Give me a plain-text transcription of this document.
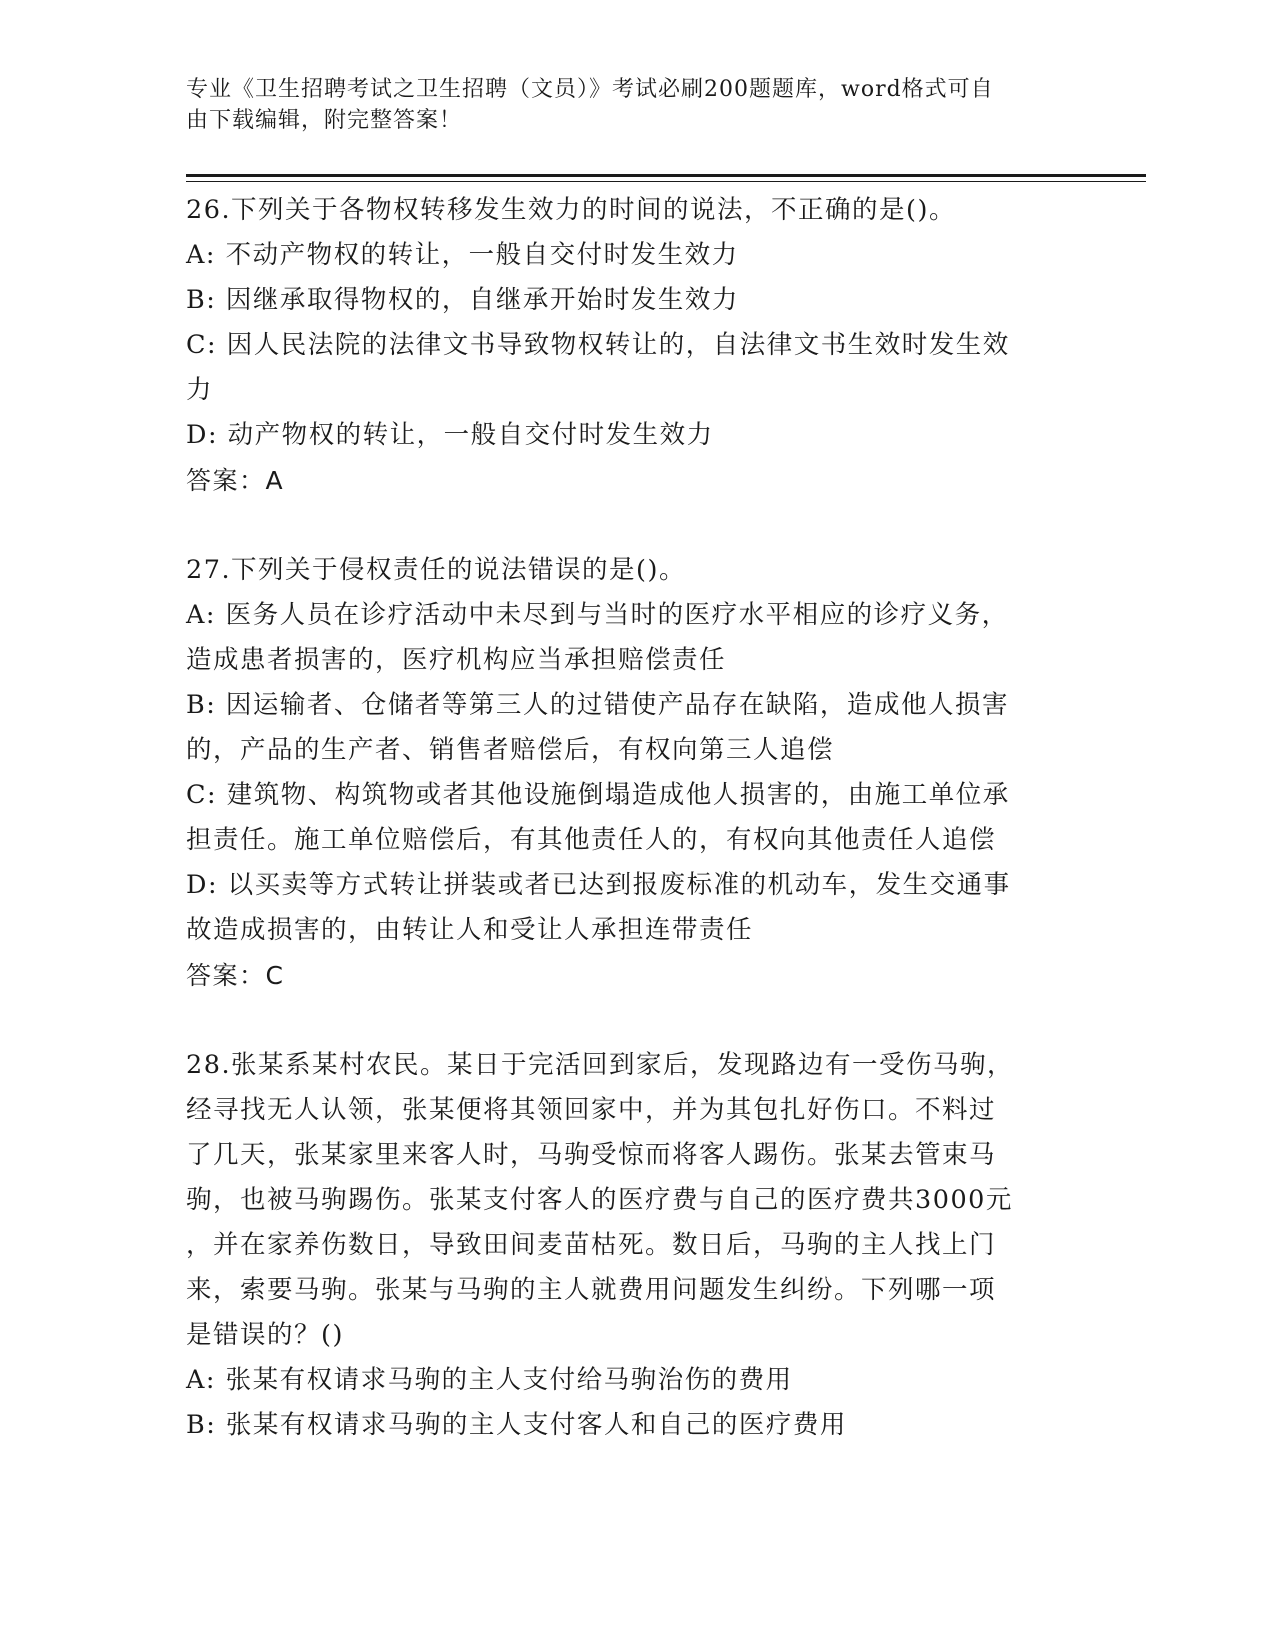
专业《卫生招聘考试之卫生招聘（文员）》考试必刷200题题库，word格式可自
由下载编辑，附完整答案！
26.下列关于各物权转移发生效力的时间的说法，不正确的是()。
A: 不动产物权的转让，一般自交付时发生效力
B: 因继承取得物权的，自继承开始时发生效力
C: 因人民法院的法律文书导致物权转让的，自法律文书生效时发生效
力
D: 动产物权的转让，一般自交付时发生效力
答案：A
27.下列关于侵权责任的说法错误的是()。
A: 医务人员在诊疗活动中未尽到与当时的医疗水平相应的诊疗义务，
造成患者损害的，医疗机构应当承担赔偿责任
B: 因运输者、仓储者等第三人的过错使产品存在缺陷，造成他人损害
的，产品的生产者、销售者赔偿后，有权向第三人追偿
C: 建筑物、构筑物或者其他设施倒塌造成他人损害的，由施工单位承
担责任。施工单位赔偿后，有其他责任人的，有权向其他责任人追偿
D: 以买卖等方式转让拼装或者已达到报废标准的机动车，发生交通事
故造成损害的，由转让人和受让人承担连带责任
答案：C
28.张某系某村农民。某日于完活回到家后，发现路边有一受伤马驹，
经寻找无人认领，张某便将其领回家中，并为其包扎好伤口。不料过
了几天，张某家里来客人时，马驹受惊而将客人踢伤。张某去管束马
驹，也被马驹踢伤。张某支付客人的医疗费与自己的医疗费共3000元
，并在家养伤数日，导致田间麦苗枯死。数日后，马驹的主人找上门
来，索要马驹。张某与马驹的主人就费用问题发生纠纷。下列哪一项
是错误的？()
A: 张某有权请求马驹的主人支付给马驹治伤的费用
B: 张某有权请求马驹的主人支付客人和自己的医疗费用
